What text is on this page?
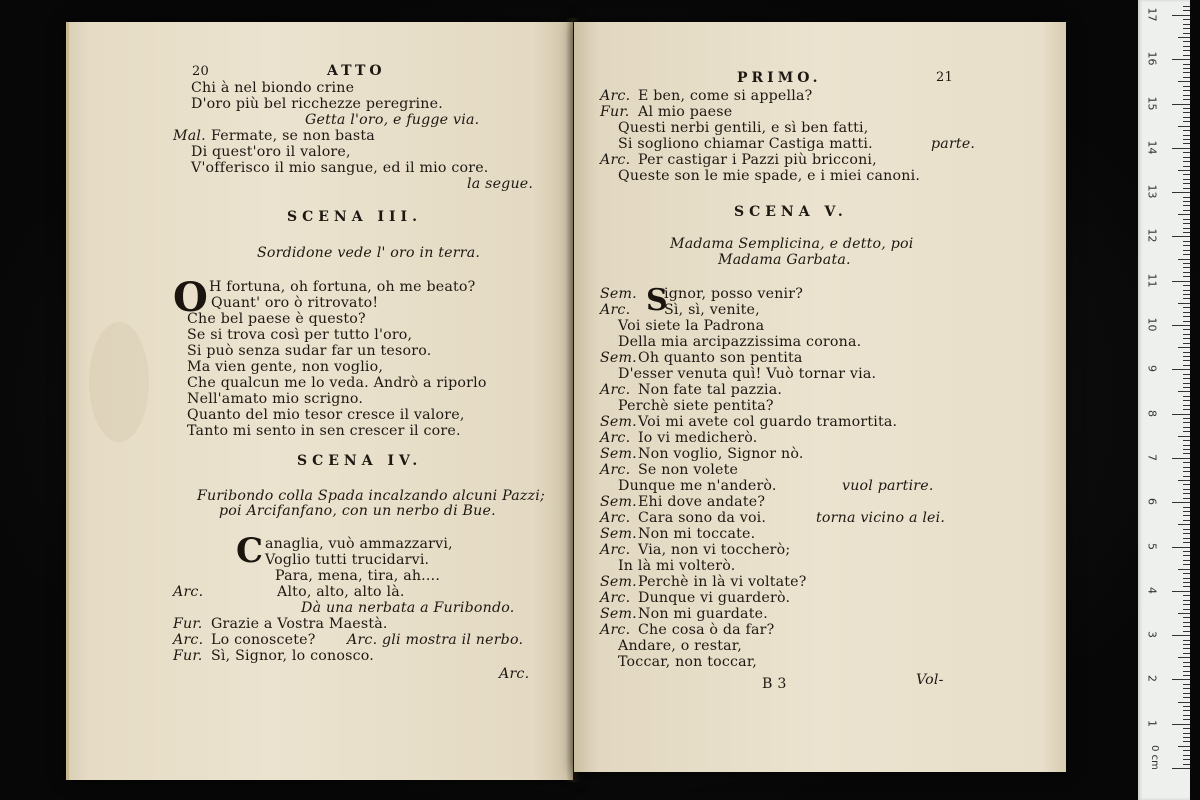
20	ATTO
Chi à nel biondo crine
D'oro più bel ricchezze peregrine.
Getta l'oro, e fugge via.
Mal. Fermate, se non basta
Di quest'oro il valore,
V'offerisco il mio sangue, ed il mio core.
la segue.
SCENA III.
Sordidone vede l' oro in terra.
O H fortuna, oh fortuna, oh me beato?
Quant' oro ò ritrovato!
Che bel paese è questo?
Se si trova così per tutto l'oro,
Si può senza sudar far un tesoro.
Ma vien gente, non voglio,
Che qualcun me lo veda. Andrò a riporlo
Nell'amato mio scrigno.
Quanto del mio tesor cresce il valore,
Tanto mi sento in sen crescer il core.
SCENA IV.
Furibondo colla Spada incalzando alcuni Pazzi;
poi Arcifanfano, con un nerbo di Bue.
C anaglia, vuò ammazzarvi,
Voglio tutti trucidarvi.
Para, mena, tira, ah....
Arc.	Alto, alto, alto là.
Dà una nerbata a Furibondo.
Fur. Grazie a Vostra Maestà.
Arc. Lo conoscete? Arc. gli mostra il nerbo.
Fur. Sì, Signor, lo conosco.
Arc.
PRIMO.	21
Arc. E ben, come si appella?
Fur. Al mio paese
Questi nerbi gentili, e sì ben fatti,
Si sogliono chiamar Castiga matti.
Arc. Per castigar i Pazzi più bricconi,
Queste son le mie spade, e i miei canoni.
parte.
SCENA V.
Madama Semplicina, e detto, poi
Madama Garbata.
Sem. S
ignor, posso venir?
Arc. Sì, sì, venite,
Voi siete la Padrona
Della mia arcipazzissima corona.
Sem. Oh quanto son pentita
D'esser venuta quì! Vuò tornar via.
Arc. Non fate tal pazzia.
Perchè siete pentita?
Sem. Voi mi avete col guardo tramortita.
Arc. Io vi medicherò.
Sem. Non voglio, Signor nò.
Arc. Se non volete
Dunque me n'anderò.
Sem. Ehi dove andate?
Arc. Cara sono da voi.
Sem. Non mi toccate.
Arc. Via, non vi toccherò;
In là mi volterò.
Sem. Perchè in là vi voltate?
Arc. Dunque vi guarderò.
Sem. Non mi guardate.
Arc. Che cosa ò da far?
Andare, o restar,
Toccar, non toccar,
vuol partire.
torna vicino a lei.
B 3	Vol-
0 cm
1
2
3
4
5
6
7
8
9
10
11
12
13
14
15
16
17
